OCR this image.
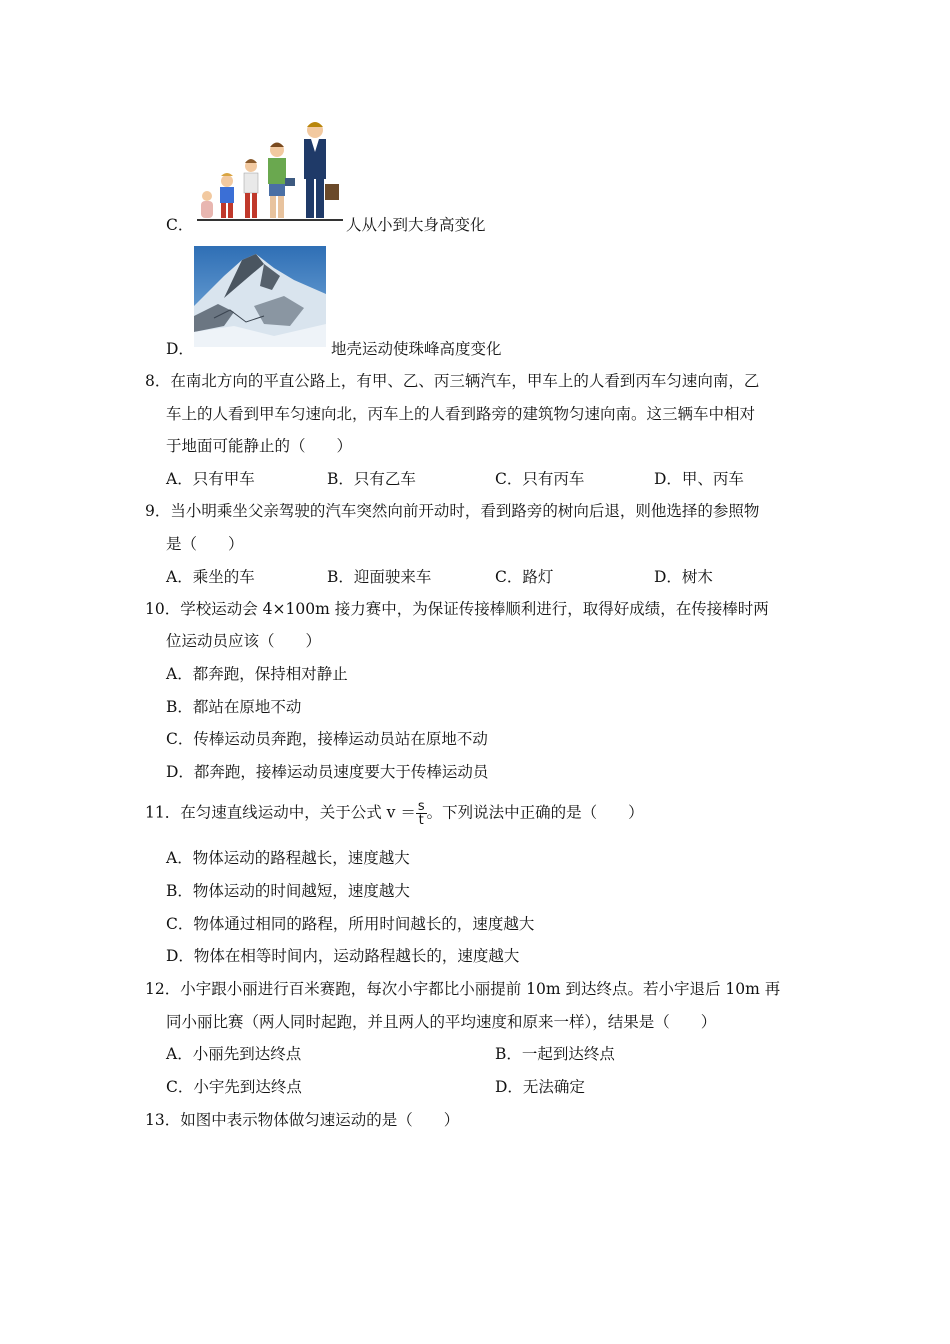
C．	人从小到大身高变化
D．	地壳运动使珠峰高度变化
8．在南北方向的平直公路上，有甲、乙、丙三辆汽车，甲车上的人看到丙车匀速向南，乙
车上的人看到甲车匀速向北，丙车上的人看到路旁的建筑物匀速向南。这三辆车中相对
于地面可能静止的（　　）
A．只有甲车	B．只有乙车	C．只有丙车	D．甲、丙车
9．当小明乘坐父亲驾驶的汽车突然向前开动时，看到路旁的树向后退，则他选择的参照物
是（　　）
A．乘坐的车	B．迎面驶来车	C．路灯	D．树木
10．学校运动会 4×100m 接力赛中，为保证传接棒顺利进行，取得好成绩，在传接棒时两
位运动员应该（　　）
A．都奔跑，保持相对静止
B．都站在原地不动
C．传棒运动员奔跑，接棒运动员站在原地不动
D．都奔跑，接棒运动员速度要大于传棒运动员
11．在匀速直线运动中，关于公式 $v = \frac{s}{t}$ 。下列说法中正确的是（　　）
A．物体运动的路程越长，速度越大
B．物体运动的时间越短，速度越大
C．物体通过相同的路程，所用时间越长的，速度越大
D．物体在相等时间内，运动路程越长的，速度越大
12．小宇跟小丽进行百米赛跑，每次小宇都比小丽提前 10m 到达终点。若小宇退后 10m 再
同小丽比赛（两人同时起跑，并且两人的平均速度和原来一样），结果是（　　）
A．小丽先到达终点	B．一起到达终点
C．小宇先到达终点	D．无法确定
13．如图中表示物体做匀速运动的是（　　）
